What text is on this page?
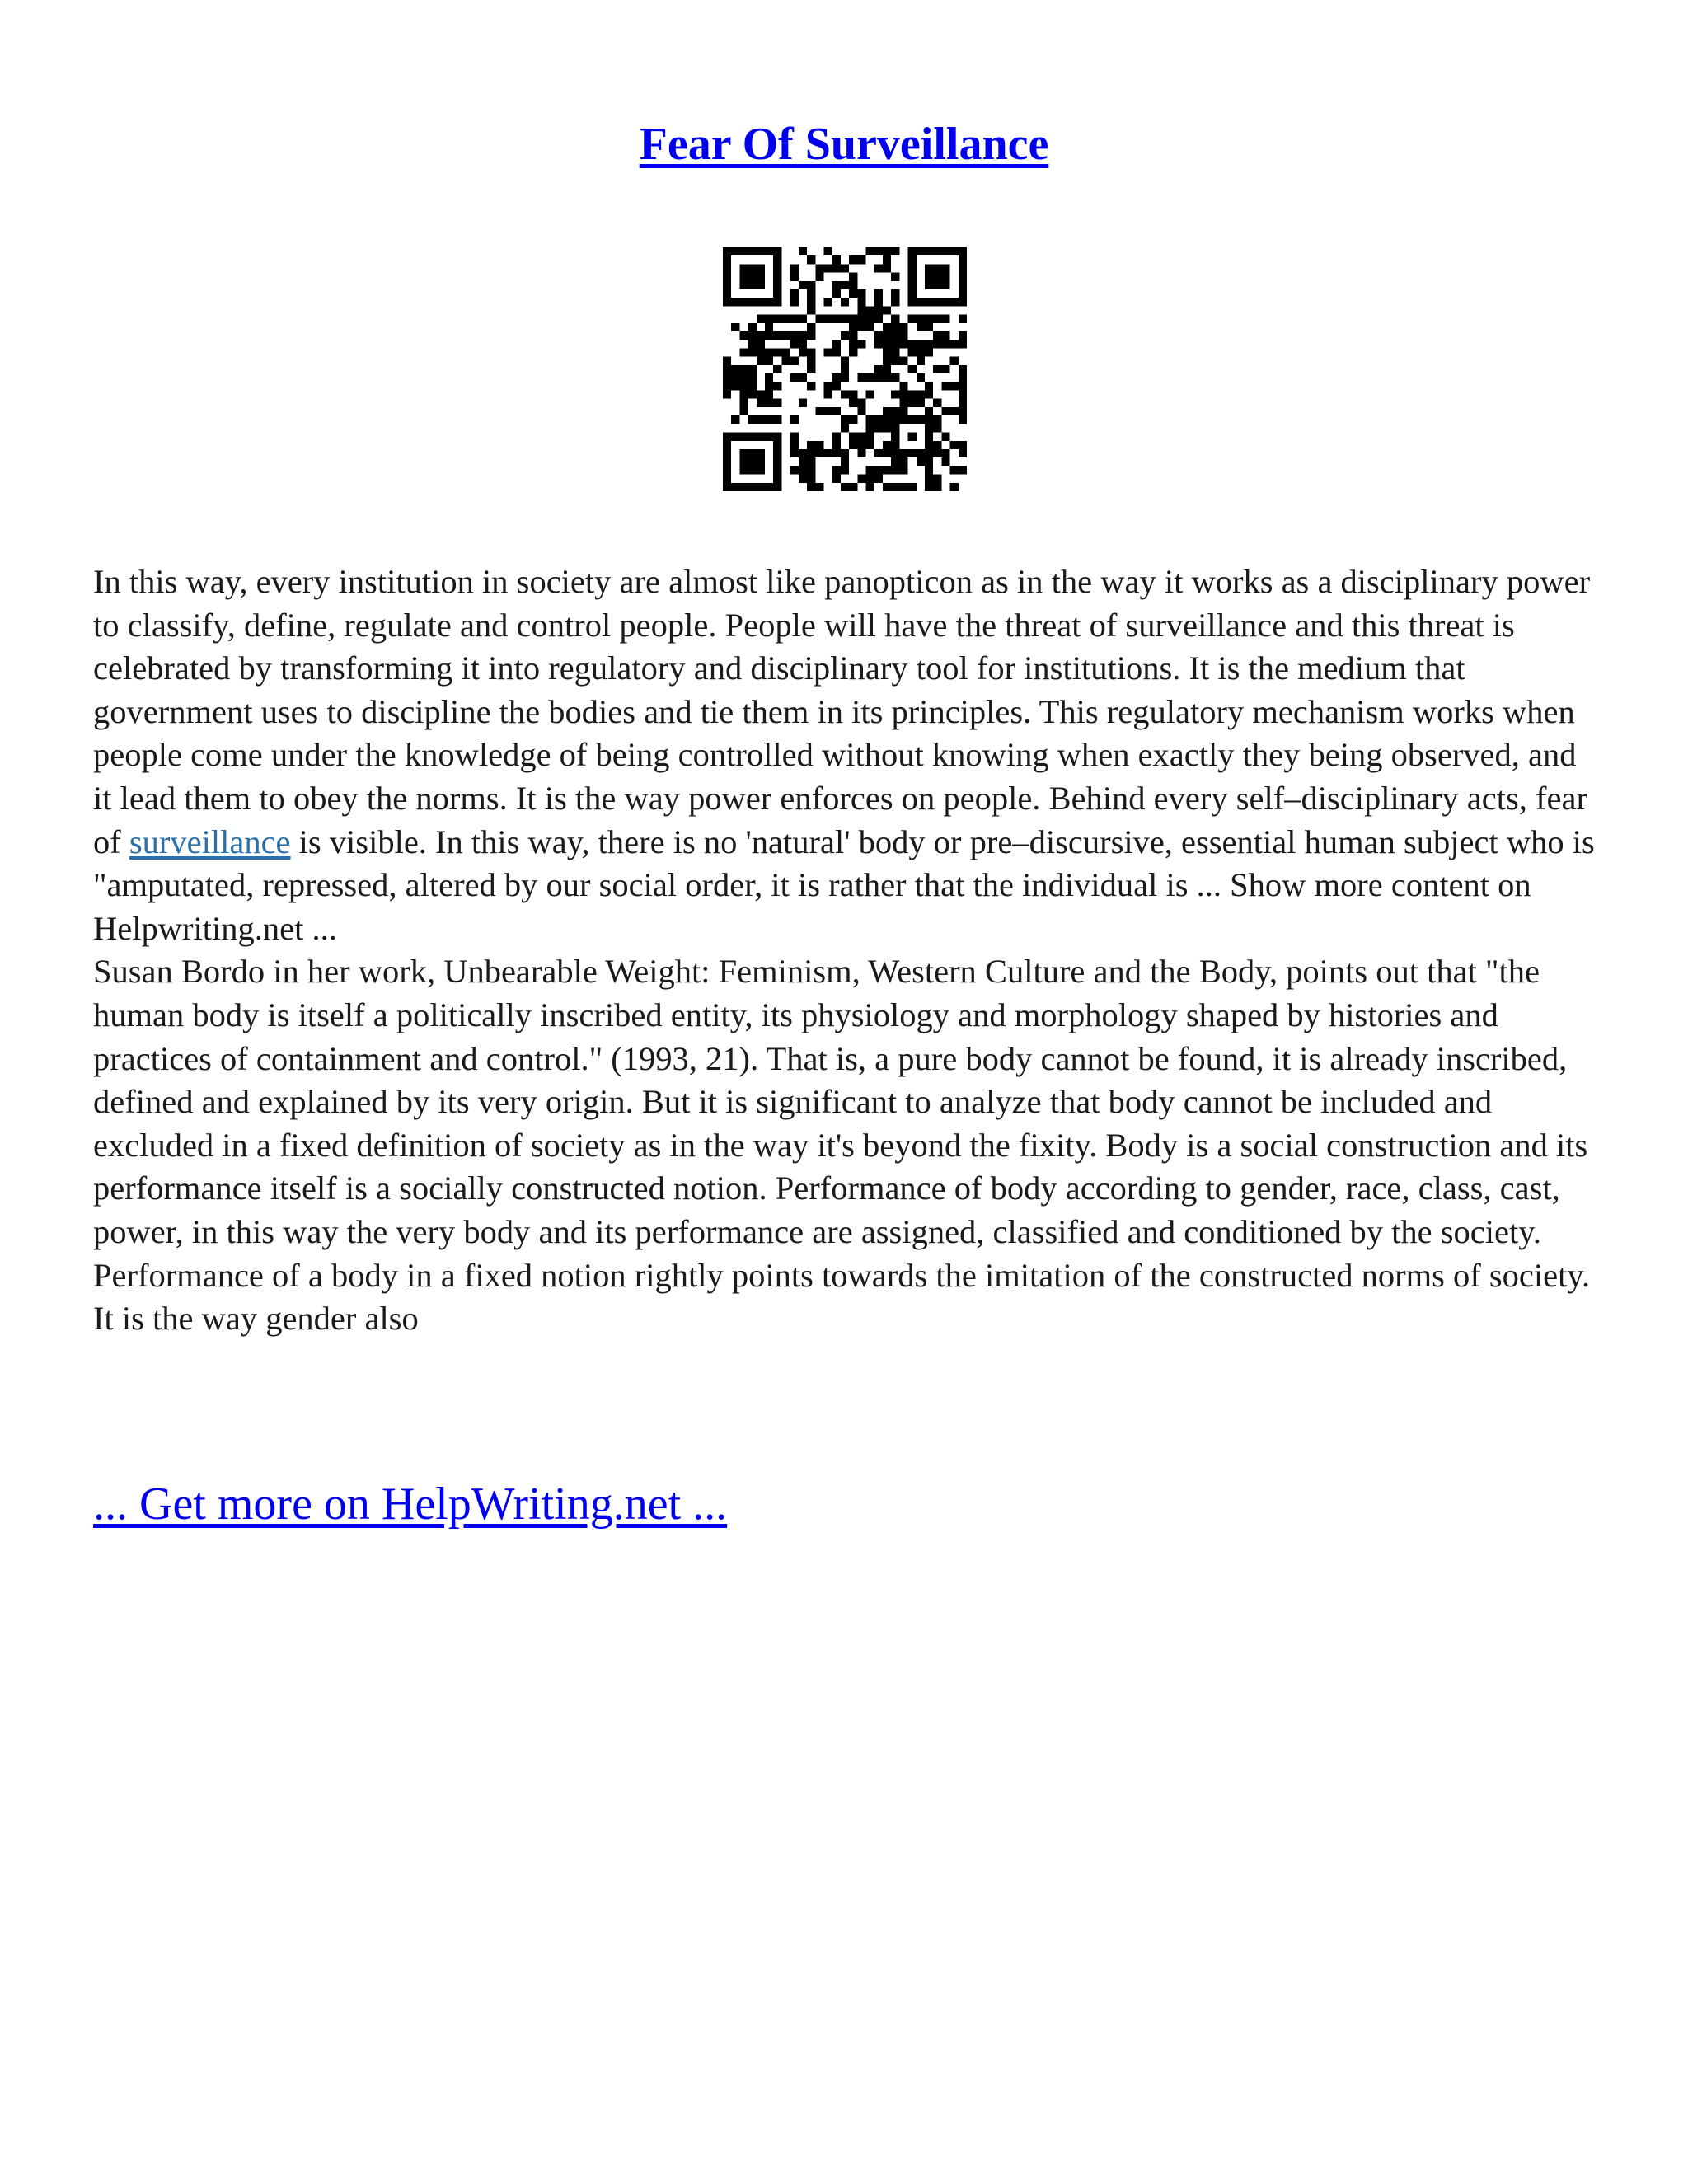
Fear Of Surveillance

In this way, every institution in society are almost like panopticon as in the way it works as a disciplinary power to classify, define, regulate and control people. People will have the threat of surveillance and this threat is celebrated by transforming it into regulatory and disciplinary tool for institutions. It is the medium that government uses to discipline the bodies and tie them in its principles. This regulatory mechanism works when people come under the knowledge of being controlled without knowing when exactly they being observed, and it lead them to obey the norms. It is the way power enforces on people. Behind every self–disciplinary acts, fear of surveillance is visible. In this way, there is no 'natural' body or pre–discursive, essential human subject who is "amputated, repressed, altered by our social order, it is rather that the individual is ... Show more content on Helpwriting.net ...

Susan Bordo in her work, Unbearable Weight: Feminism, Western Culture and the Body, points out that "the human body is itself a politically inscribed entity, its physiology and morphology shaped by histories and practices of containment and control." (1993, 21). That is, a pure body cannot be found, it is already inscribed, defined and explained by its very origin. But it is significant to analyze that body cannot be included and excluded in a fixed definition of society as in the way it's beyond the fixity. Body is a social construction and its performance itself is a socially constructed notion. Performance of body according to gender, race, class, cast, power, in this way the very body and its performance are assigned, classified and conditioned by the society. Performance of a body in a fixed notion rightly points towards the imitation of the constructed norms of society. It is the way gender also

... Get more on HelpWriting.net ...
